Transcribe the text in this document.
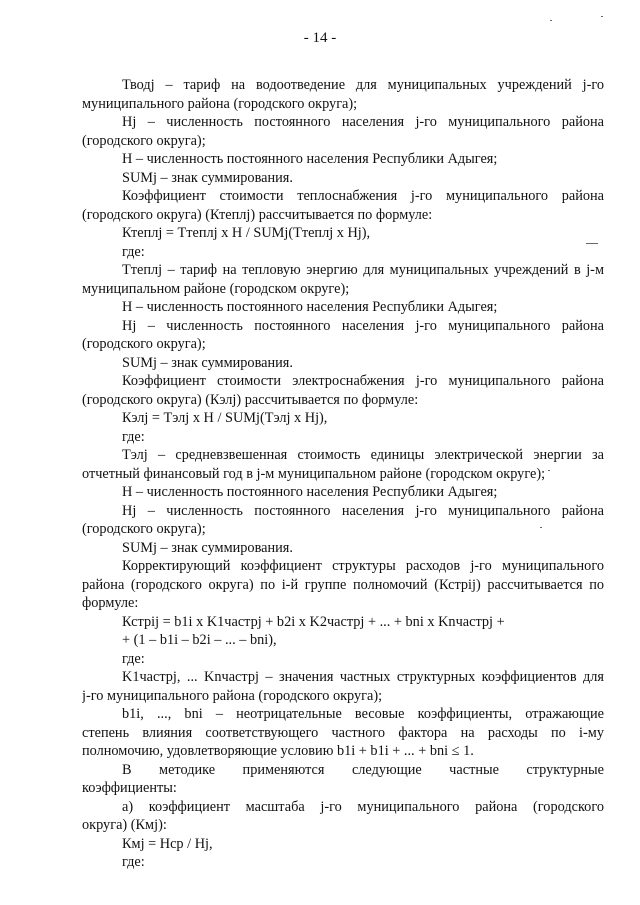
- 14 -
Тводj – тариф на водоотведение для муниципальных учреждений j-го
муниципального района (городского округа);
Hj – численность постоянного населения j-го муниципального района
(городского округа);
H – численность постоянного населения Республики Адыгея;
SUMj – знак суммирования.
Коэффициент стоимости теплоснабжения j-го муниципального района
(городского округа) (Ктеплj) рассчитывается по формуле:
Ктеплj = Ттеплj x H / SUMj(Ттеплj x Hj),
где:
Ттеплj – тариф на тепловую энергию для муниципальных учреждений в j-м
муниципальном районе (городском округе);
H – численность постоянного населения Республики Адыгея;
Hj – численность постоянного населения j-го муниципального района
(городского округа);
SUMj – знак суммирования.
Коэффициент стоимости электроснабжения j-го муниципального района
(городского округа) (Кэлj) рассчитывается по формуле:
Кэлj = Тэлj x H / SUMj(Тэлj x Hj),
где:
Тэлj – средневзвешенная стоимость единицы электрической энергии за
отчетный финансовый год в j-м муниципальном районе (городском округе);
H – численность постоянного населения Республики Адыгея;
Hj – численность постоянного населения j-го муниципального района
(городского округа);
SUMj – знак суммирования.
Корректирующий коэффициент структуры расходов j-го муниципального
района (городского округа) по i-й группе полномочий (Кстрij) рассчитывается по
формуле:
Кстрij = b1i x K1частрj + b2i x K2частрj + ... + bni x Knчастрj +
+ (1 – b1i – b2i – ... – bni),
где:
K1частрj, ... Knчастрj – значения частных структурных коэффициентов для
j-го муниципального района (городского округа);
b1i, ..., bni – неотрицательные весовые коэффициенты, отражающие
степень влияния соответствующего частного фактора на расходы по i-му
полномочию, удовлетворяющие условию b1i + b1i + ... + bni ≤ 1.
В методике применяются следующие частные структурные
коэффициенты:
а) коэффициент масштаба j-го муниципального района (городского
округа) (Кмj):
Кмj = Hср / Hj,
где:
